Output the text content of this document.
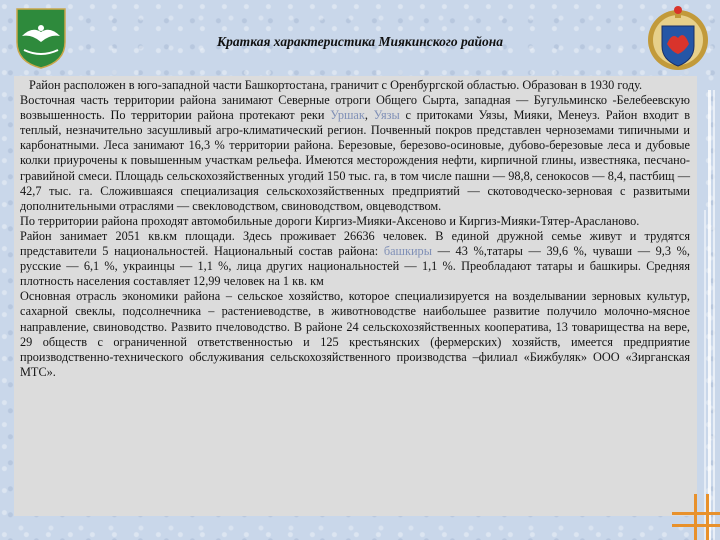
Краткая характеристика Миякинского района

Район расположен в юго-западной части Башкортостана, граничит с Оренбургской областью. Образован в 1930 году.

Восточная часть территории района занимают Северные отроги Общего Сырта, западная — Бугульминско -Белебеевскую возвышенность. По территории района протекают реки Уршак, Уязы с притоками Уязы, Мияки, Менеуз. Район входит в теплый, незначительно засушливый агро-климатический регион. Почвенный покров представлен черноземами типичными и карбонатными. Леса занимают 16,3 % территории района. Березовые, березово-осиновые, дубово-березовые леса и дубовые колки приурочены к повышенным участкам рельефа. Имеются месторождения нефти, кирпичной глины, известняка, песчано-гравийной смеси. Площадь сельскохозяйственных угодий 150 тыс. га, в том числе пашни — 98,8, сенокосов — 8,4, пастбищ — 42,7 тыс. га. Сложившаяся специализация сельскохозяйственных предприятий — скотоводческо-зерновая с развитыми дополнительными отраслями — свекловодством, свиноводством, овцеводством.

По территории района проходят автомобильные дороги Киргиз-Мияки-Аксеново и Киргиз-Мияки-Тятер-Арасланово.

Район занимает 2051 кв.км площади. Здесь проживает 26636 человек. В единой дружной семье живут и трудятся представители 5 национальностей. Национальный состав района: башкиры — 43 %,татары — 39,6 %, чуваши — 9,3 %, русские — 6,1 %, украинцы — 1,1 %, лица других национальностей — 1,1 %. Преобладают татары и башкиры. Средняя плотность населения составляет 12,99 человек на 1 кв. км

Основная отрасль экономики района – сельское хозяйство, которое специализируется на возделывании зерновых культур, сахарной свеклы, подсолнечника – растениеводстве, в животноводстве наибольшее развитие получило молочно-мясное направление, свиноводство. Развито пчеловодство. В районе 24 сельскохозяйственных кооператива, 13 товарищества на вере, 29 обществ с ограниченной ответственностью и 125 крестьянских (фермерских) хозяйств, имеется предприятие производственно-технического обслуживания сельскохозяйственного производства –филиал «Бижбуляк» ООО «Зирганская МТС».
